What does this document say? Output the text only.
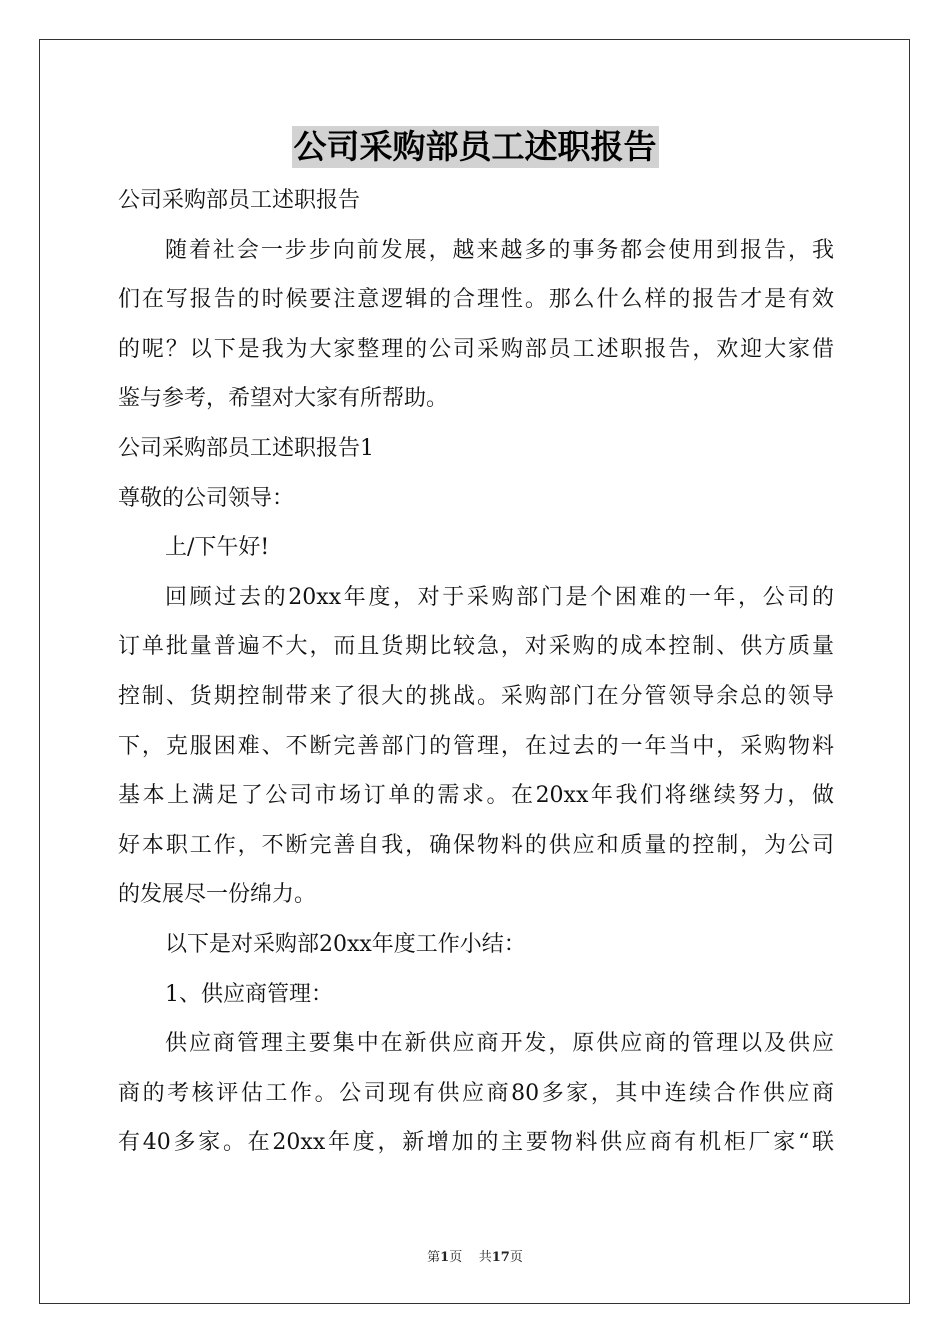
公司采购部员工述职报告
公司采购部员工述职报告
随着社会一步步向前发展，越来越多的事务都会使用到报告，我
们在写报告的时候要注意逻辑的合理性。那么什么样的报告才是有效
的呢？以下是我为大家整理的公司采购部员工述职报告，欢迎大家借
鉴与参考，希望对大家有所帮助。
公司采购部员工述职报告1
尊敬的公司领导：
上/下午好!
回顾过去的20xx年度，对于采购部门是个困难的一年，公司的
订单批量普遍不大，而且货期比较急，对采购的成本控制、供方质量
控制、货期控制带来了很大的挑战。采购部门在分管领导余总的领导
下，克服困难、不断完善部门的管理，在过去的一年当中，采购物料
基本上满足了公司市场订单的需求。在20xx年我们将继续努力，做
好本职工作，不断完善自我，确保物料的供应和质量的控制，为公司
的发展尽一份绵力。
以下是对采购部20xx年度工作小结：
1、供应商管理：
供应商管理主要集中在新供应商开发，原供应商的管理以及供应
商的考核评估工作。公司现有供应商80多家，其中连续合作供应商
有40多家。在20xx年度，新增加的主要物料供应商有机柜厂家“联
第1页    共17页
